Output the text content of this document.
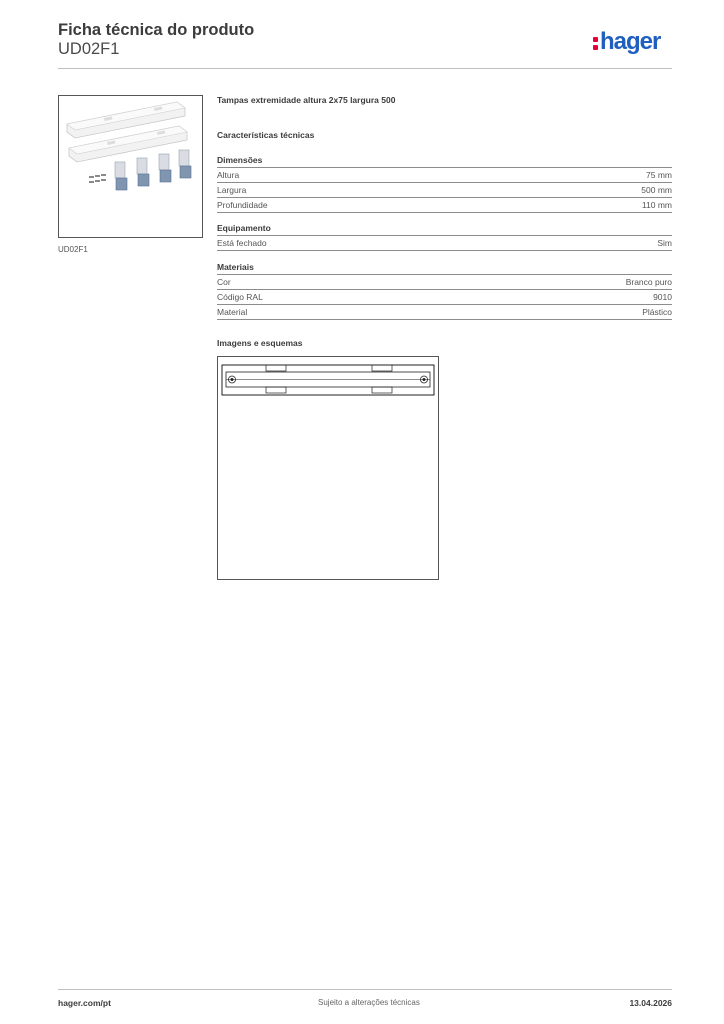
Ficha técnica do produto
UD02F1	hager
UD02F1
Tampas extremidade altura 2x75 largura 500
Características técnicas
Dimensões
Altura	75 mm
Largura	500 mm
Profundidade	110 mm
Equipamento
Está fechado	Sim
Materiais
Cor	Branco puro
Código RAL	9010
Material	Plástico
Imagens e esquemas
hager.com/pt	Sujeito a alterações técnicas	13.04.2026
